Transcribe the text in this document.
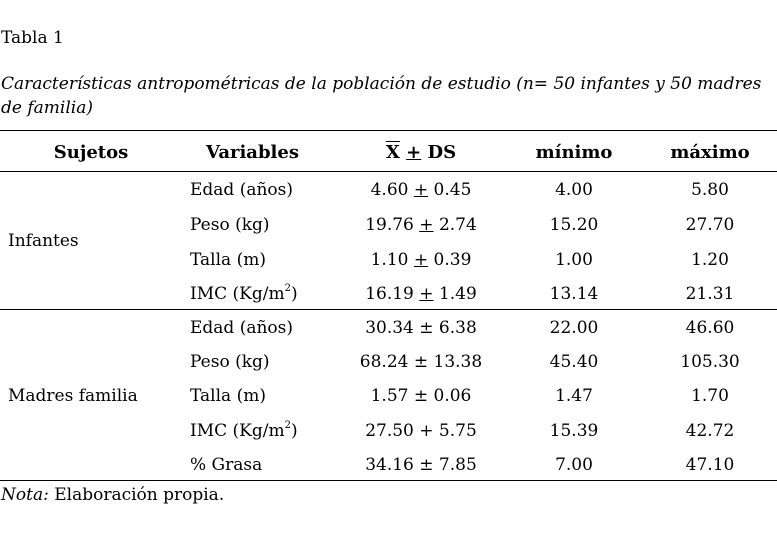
Tabla 1
Características antropométricas de la población de estudio (n= 50 infantes y 50 madres de familia)
Sujetos	Variables	$\overline{X}$ + DS	mínimo	máximo
Infantes
Edad (años)	4.60 + 0.45	4.00	5.80
Peso (kg)	19.76 + 2.74	15.20	27.70
Talla (m)	1.10 + 0.39	1.00	1.20
IMC $(Kg/m^2)$	16.19 + 1.49	13.14	21.31
Madres familia
Edad (años)	30.34 ± 6.38	22.00	46.60
Peso (kg)	68.24 ± 13.38	45.40	105.30
Talla (m)	1.57 ± 0.06	1.47	1.70
IMC $(Kg/m^2)$	27.50 + 5.75	15.39	42.72
% Grasa	34.16 ± 7.85	7.00	47.10
Nota: Elaboración propia.
